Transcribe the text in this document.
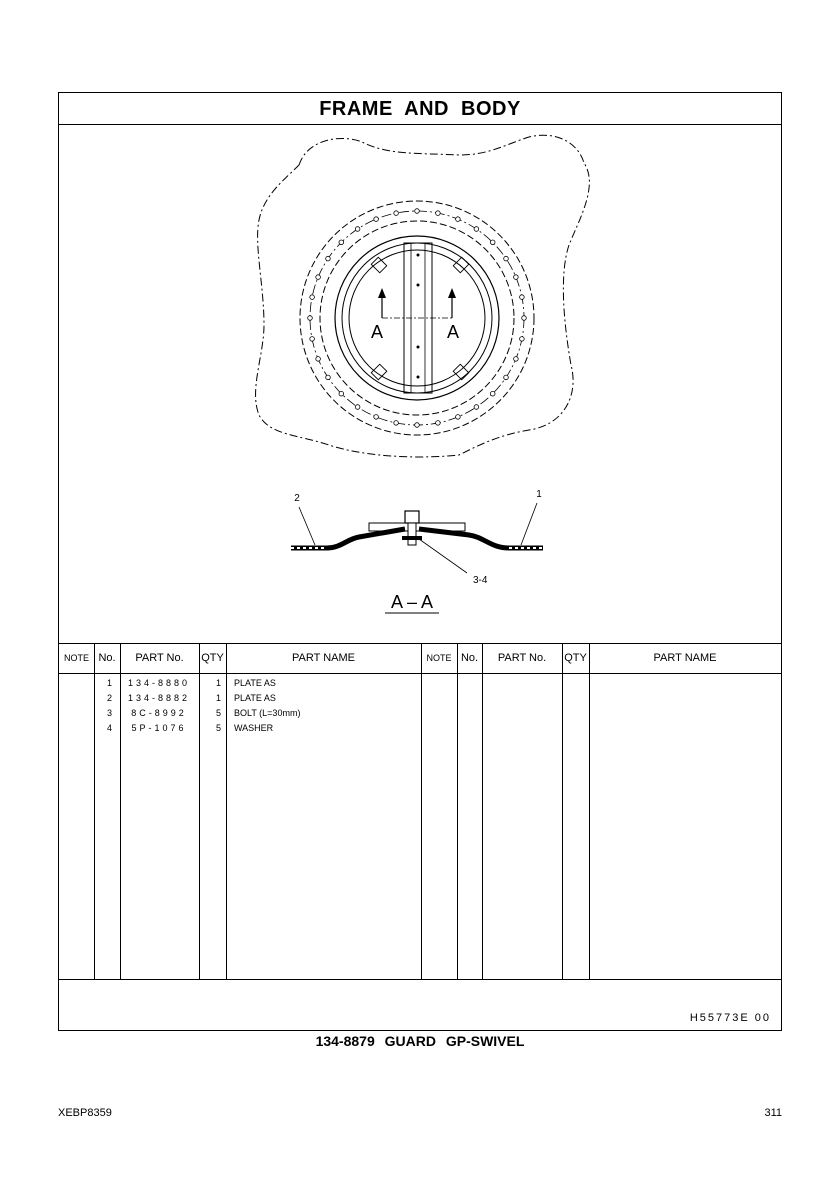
FRAME AND BODY
A	A
2	1
3-4
A – A
NOTE No.	PART No.	QTY	PART NAME	NOTE No.	PART No.	QTY	PART NAME
1	134-8880	1 PLATE AS
2	134-8882	1 PLATE AS
3	8C-8992	5 BOLT (L=30mm)
4	5P-1076	5 WASHER
H55773E 00
134-8879 GUARD GP-SWIVEL
XEBP8359	311
